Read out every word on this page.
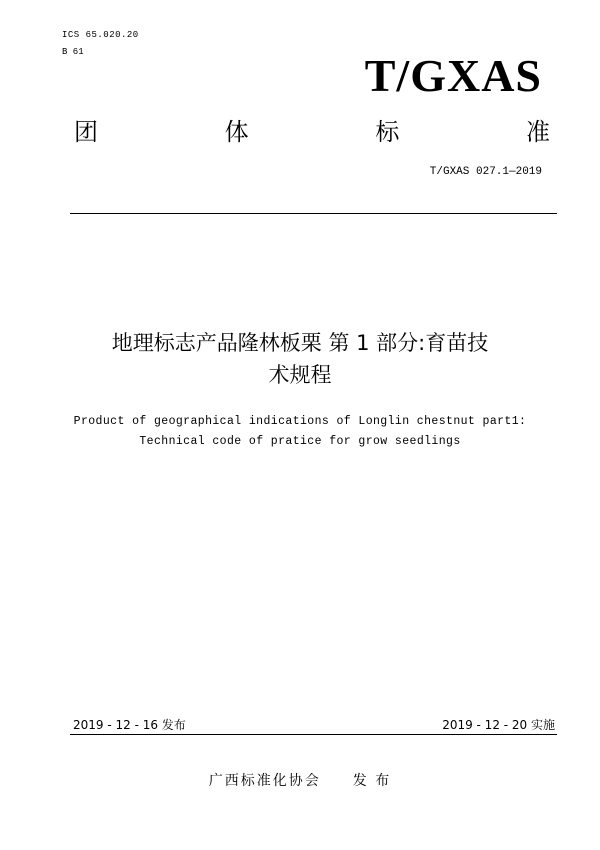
ICS 65.020.20
B 61	T/GXAS
团	体	标	准
T/GXAS 027.1—2019
地理标志产品隆林板栗 第 1 部分:育苗技
术规程
Product of geographical indications of Longlin chestnut part1:
Technical code of pratice for grow seedlings
2019 - 12 - 16 发布	2019 - 12 - 20 实施
广西标准化协会 发 布
